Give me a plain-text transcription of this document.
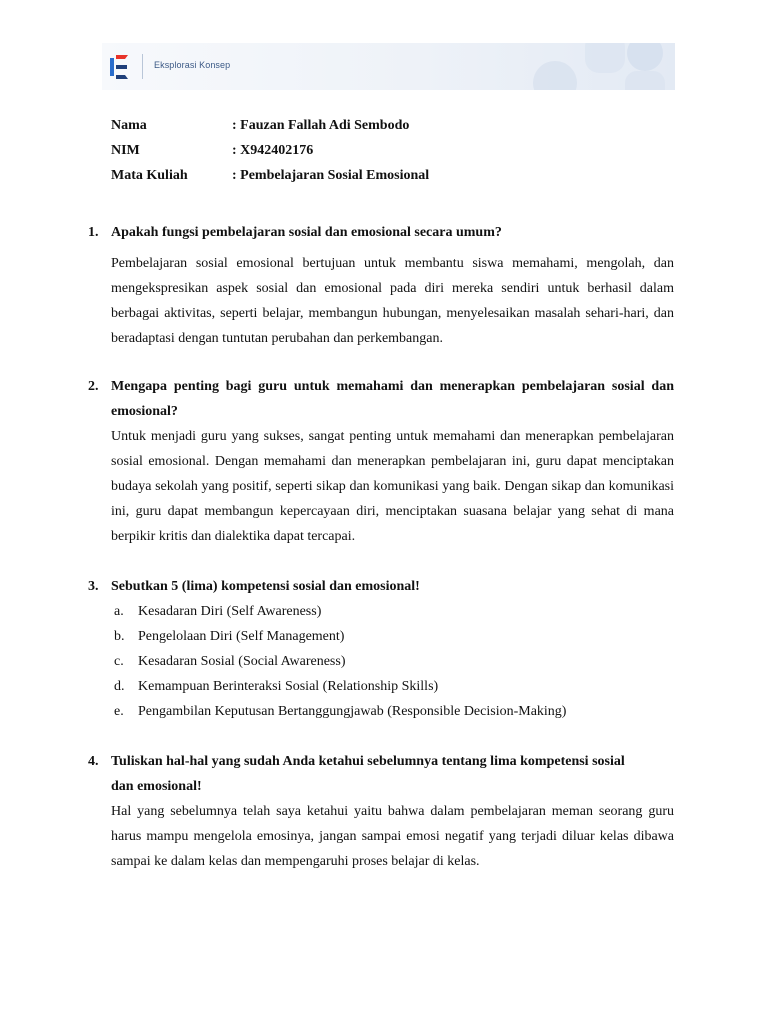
Eksplorasi Konsep
Nama	: Fauzan Fallah Adi Sembodo
NIM	: X942402176
Mata Kuliah	: Pembelajaran Sosial Emosional
1. Apakah fungsi pembelajaran sosial dan emosional secara umum?
Pembelajaran sosial emosional bertujuan untuk membantu siswa memahami, mengolah, dan mengekspresikan aspek sosial dan emosional pada diri mereka sendiri untuk berhasil dalam berbagai aktivitas, seperti belajar, membangun hubungan, menyelesaikan masalah sehari-hari, dan beradaptasi dengan tuntutan perubahan dan perkembangan.
2. Mengapa penting bagi guru untuk memahami dan menerapkan pembelajaran sosial dan emosional?
Untuk menjadi guru yang sukses, sangat penting untuk memahami dan menerapkan pembelajaran sosial emosional. Dengan memahami dan menerapkan pembelajaran ini, guru dapat menciptakan budaya sekolah yang positif, seperti sikap dan komunikasi yang baik. Dengan sikap dan komunikasi ini, guru dapat membangun kepercayaan diri, menciptakan suasana belajar yang sehat di mana berpikir kritis dan dialektika dapat tercapai.
3. Sebutkan 5 (lima) kompetensi sosial dan emosional!
a.	Kesadaran Diri (Self Awareness)
b. Pengelolaan Diri (Self Management)
c.	Kesadaran Sosial (Social Awareness)
d. Kemampuan Berinteraksi Sosial (Relationship Skills)
e.	Pengambilan Keputusan Bertanggungjawab (Responsible Decision-Making)
4. Tuliskan hal-hal yang sudah Anda ketahui sebelumnya tentang lima kompetensi sosial
dan emosional!
Hal yang sebelumnya telah saya ketahui yaitu bahwa dalam pembelajaran meman seorang guru harus mampu mengelola emosinya, jangan sampai emosi negatif yang terjadi diluar kelas dibawa sampai ke dalam kelas dan mempengaruhi proses belajar di kelas.
